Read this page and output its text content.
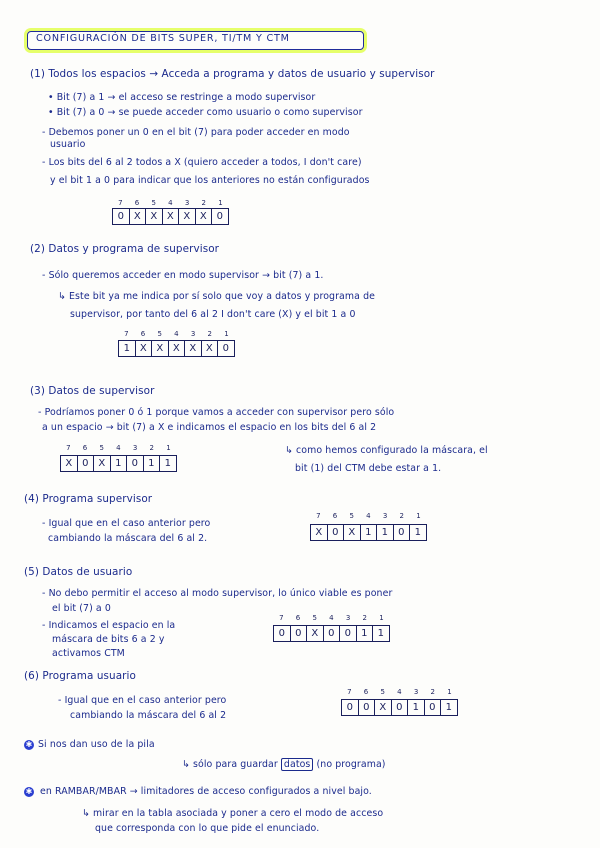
CONFIGURACIÓN DE BITS SUPER, TI/TM Y CTM
(1) Todos los espacios → Acceda a programa y datos de usuario y supervisor
• Bit (7) a 1 → el acceso se restringe a modo supervisor
• Bit (7) a 0 → se puede acceder como usuario o como supervisor
- Debemos poner un 0 en el bit (7) para poder acceder en modo
usuario
- Los bits del 6 al 2 todos a X (quiero acceder a todos, I don't care)
y el bit 1 a 0 para indicar que los anteriores no están configurados
7	6	5	4	3	2	1
0 X X X X X 0
(2) Datos y programa de supervisor
- Sólo queremos acceder en modo supervisor → bit (7) a 1.
↳ Este bit ya me indica por sí solo que voy a datos y programa de
supervisor, por tanto del 6 al 2 I don't care (X) y el bit 1 a 0
7	6	5	4	3	2	1
1 X X X X X 0
(3) Datos de supervisor
- Podríamos poner 0 ó 1 porque vamos a acceder con supervisor pero sólo
a un espacio → bit (7) a X e indicamos el espacio en los bits del 6 al 2
↳ como hemos configurado la máscara, el
bit (1) del CTM debe estar a 1.
7	6	5	4	3	2	1
X 0 X 1	0	1	1
(4) Programa supervisor
- Igual que en el caso anterior pero
cambiando la máscara del 6 al 2.
7	6	5	4	3	2	1
X 0 X 1	1	0	1
(5) Datos de usuario
- No debo permitir el acceso al modo supervisor, lo único viable es poner
el bit (7) a 0
- Indicamos el espacio en la
máscara de bits 6 a 2 y
activamos CTM
7	6	5	4	3	2	1
0	0 X 0	0	1	1
(6) Programa usuario
- Igual que en el caso anterior pero
cambiando la máscara del 6 al 2
7	6	5	4	3	2	1
0	0 X 0	1	0	1
✱ Si nos dan uso de la pila
↳ sólo para guardar datos (no programa)
✱ en RAMBAR/MBAR → limitadores de acceso configurados a nivel bajo.
↳ mirar en la tabla asociada y poner a cero el modo de acceso
que corresponda con lo que pide el enunciado.
